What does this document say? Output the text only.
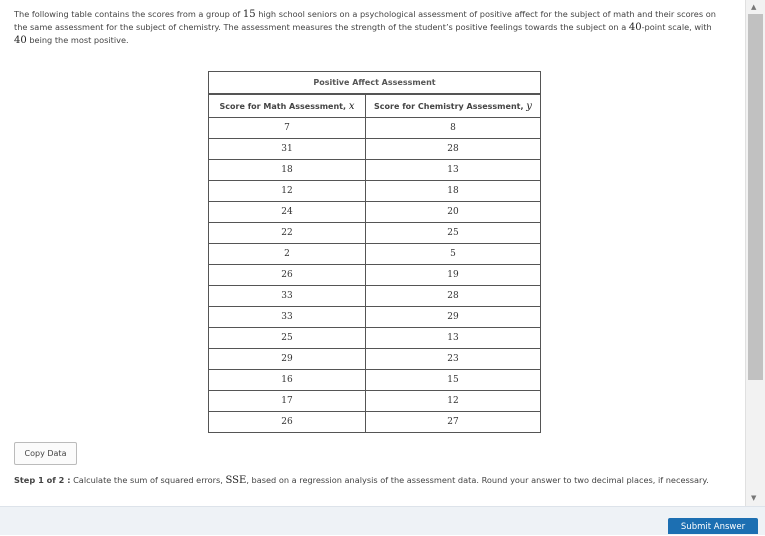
The following table contains the scores from a group of 15 high school seniors on a psychological assessment of positive affect for the subject of math and their scores on the same assessment for the subject of chemistry. The assessment measures the strength of the student’s positive feelings towards the subject on a 40-point scale, with 40 being the most positive.
Positive Affect Assessment	
Score for Math Assessment, x	Score for Chemistry Assessment, y
7	8
31	28
18	13
12	18
24	20
22	25
2	5
26	19
33	28
33	29
25	13
29	23
16	15
17	12
26	27
Copy Data
Step 1 of 2 : Calculate the sum of squared errors, SSE, based on a regression analysis of the assessment data. Round your answer to two decimal places, if necessary.
▲
▼
Submit Answer
